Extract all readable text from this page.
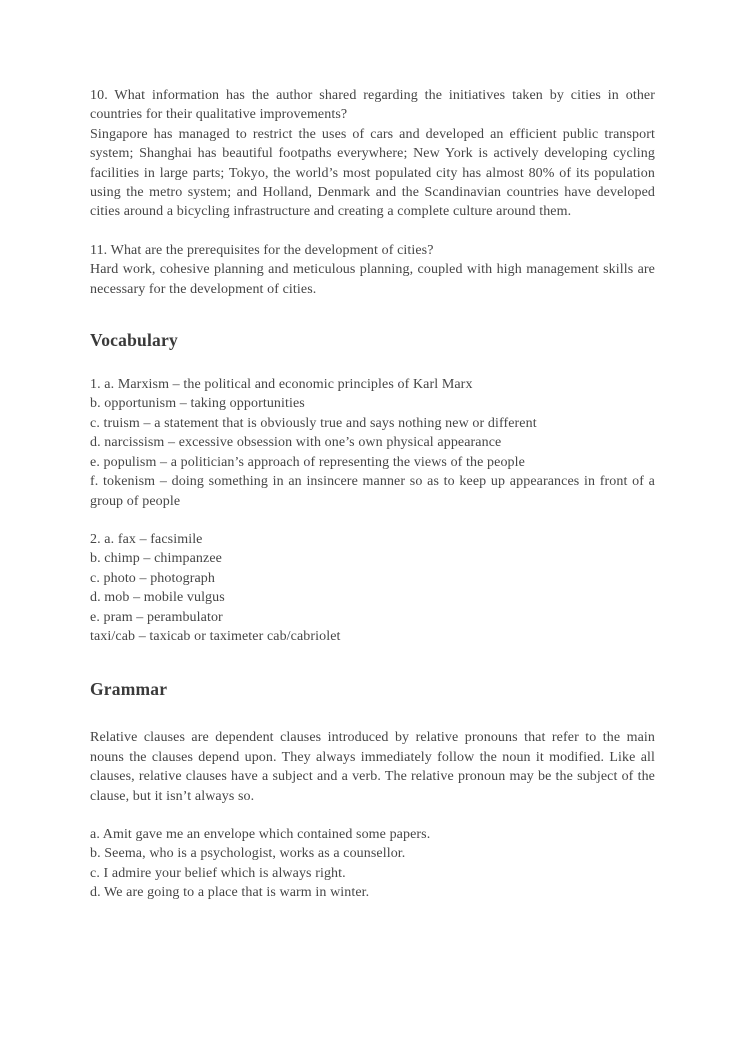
10. What information has the author shared regarding the initiatives taken by cities in other countries for their qualitative improvements?

Singapore has managed to restrict the uses of cars and developed an efficient public transport system; Shanghai has beautiful footpaths everywhere; New York is actively developing cycling facilities in large parts; Tokyo, the world’s most populated city has almost 80% of its population using the metro system; and Holland, Denmark and the Scandinavian countries have developed cities around a bicycling infrastructure and creating a complete culture around them.

11. What are the prerequisites for the development of cities?

Hard work, cohesive planning and meticulous planning, coupled with high management skills are necessary for the development of cities.

Vocabulary

1. a. Marxism – the political and economic principles of Karl Marx

b. opportunism – taking opportunities

c. truism – a statement that is obviously true and says nothing new or different

d. narcissism – excessive obsession with one’s own physical appearance

e. populism – a politician’s approach of representing the views of the people

f. tokenism – doing something in an insincere manner so as to keep up appearances in front of a group of people

2. a. fax – facsimile

b. chimp – chimpanzee

c. photo – photograph

d. mob – mobile vulgus

e. pram – perambulator

taxi/cab – taxicab or taximeter cab/cabriolet

Grammar

Relative clauses are dependent clauses introduced by relative pronouns that refer to the main nouns the clauses depend upon. They always immediately follow the noun it modified. Like all clauses, relative clauses have a subject and a verb. The relative pronoun may be the subject of the clause, but it isn’t always so.

a. Amit gave me an envelope which contained some papers.

b. Seema, who is a psychologist, works as a counsellor.

c. I admire your belief which is always right.

d. We are going to a place that is warm in winter.
